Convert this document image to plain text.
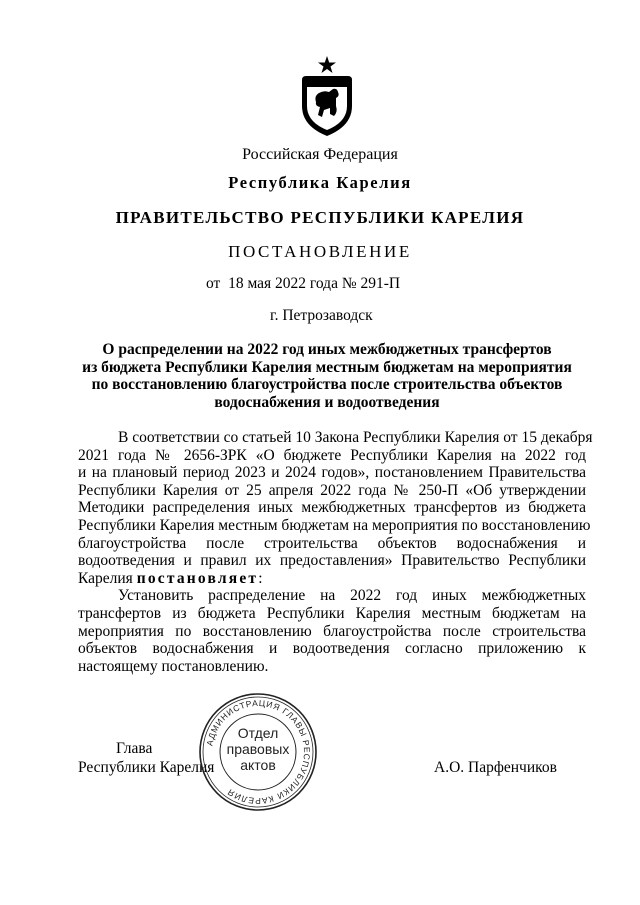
Российская Федерация
Республика Карелия
ПРАВИТЕЛЬСТВО РЕСПУБЛИКИ КАРЕЛИЯ
ПОСТАНОВЛЕНИЕ
от  18 мая 2022 года № 291-П
г. Петрозаводск
О распределении на 2022 год иных межбюджетных трансфертов
из бюджета Республики Карелия местным бюджетам на мероприятия
по восстановлению благоустройства после строительства объектов
водоснабжения и водоотведения
В соответствии со статьей 10 Закона Республики Карелия от 15 декабря
2021 года № 2656-ЗРК «О бюджете Республики Карелия на 2022 год
и на плановый период 2023 и 2024 годов», постановлением Правительства
Республики Карелия от 25 апреля 2022 года № 250-П «Об утверждении
Методики распределения иных межбюджетных трансфертов из бюджета
Республики Карелия местным бюджетам на мероприятия по восстановлению
благоустройства после строительства объектов водоснабжения и
водоотведения и правил их предоставления» Правительство Республики
Карелия постановляет:
Установить распределение на 2022 год иных межбюджетных
трансфертов из бюджета Республики Карелия местным бюджетам на
мероприятия по восстановлению благоустройства после строительства
объектов водоснабжения и водоотведения согласно приложению к
настоящему постановлению.
Глава
Республики Карелия	А.О. Парфенчиков
АДМИНИСТРАЦИЯ ГЛАВЫ РЕСПУБЛИКИ КАРЕЛИЯ
Отдел
правовых
актов
